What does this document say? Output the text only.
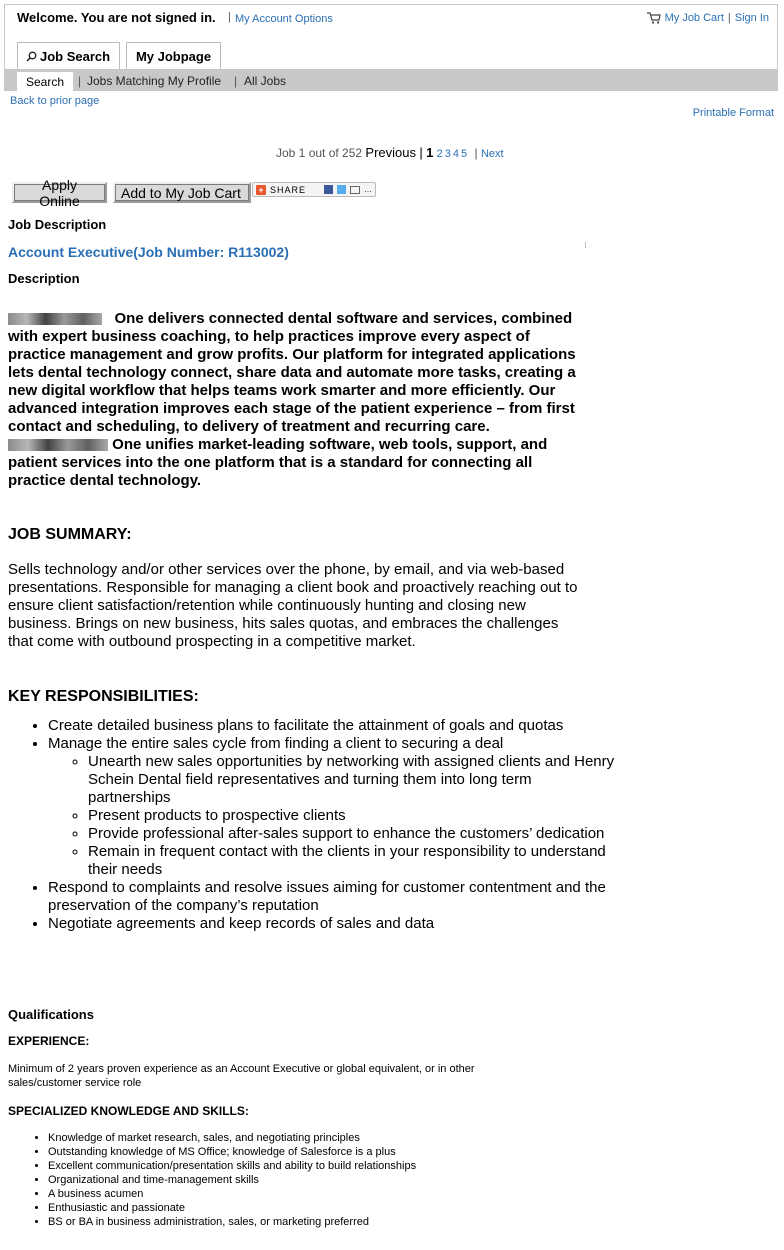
Welcome. You are not signed in. | My Account Options	My Job Cart | Sign In
Job Search My Jobpage
Search | Jobs Matching My Profile | All Jobs
Back to prior page
Printable Format
Job 1 out of 252 Previous | 1 2 3 4 5 | Next
Apply Online	Add to My Job Cart	+ SHARE	…
Job Description
Account Executive(Job Number: R113002)
Description
One delivers connected dental software and services, combined with expert business coaching, to help practices improve every aspect of practice management and grow profits. Our platform for integrated applications lets dental technology connect, share data and automate more tasks, creating a new digital workflow that helps teams work smarter and more efficiently. Our advanced integration improves each stage of the patient experience – from first contact and scheduling, to delivery of treatment and recurring care.  One unifies market-leading software, web tools, support, and patient services into the one platform that is a standard for connecting all practice dental technology.
JOB SUMMARY:
Sells technology and/or other services over the phone, by email, and via web-based presentations. Responsible for managing a client book and proactively reaching out to ensure client satisfaction/retention while continuously hunting and closing new business. Brings on new business, hits sales quotas, and embraces the challenges that come with outbound prospecting in a competitive market.
KEY RESPONSIBILITIES:
• Create detailed business plans to facilitate the attainment of goals and quotas
• Manage the entire sales cycle from finding a client to securing a deal
◦ Unearth new sales opportunities by networking with assigned clients and Henry Schein Dental field representatives and turning them into long term partnerships
◦ Present products to prospective clients
◦ Provide professional after-sales support to enhance the customers’ dedication
◦ Remain in frequent contact with the clients in your responsibility to understand their needs
• Respond to complaints and resolve issues aiming for customer contentment and the preservation of the company’s reputation
• Negotiate agreements and keep records of sales and data
Qualifications
EXPERIENCE:
Minimum of 2 years proven experience as an Account Executive or global equivalent, or in other sales/customer service role
SPECIALIZED KNOWLEDGE AND SKILLS:
• Knowledge of market research, sales, and negotiating principles
• Outstanding knowledge of MS Office; knowledge of Salesforce is a plus
• Excellent communication/presentation skills and ability to build relationships
• Organizational and time-management skills
• A business acumen
• Enthusiastic and passionate
• BS or BA in business administration, sales, or marketing preferred
